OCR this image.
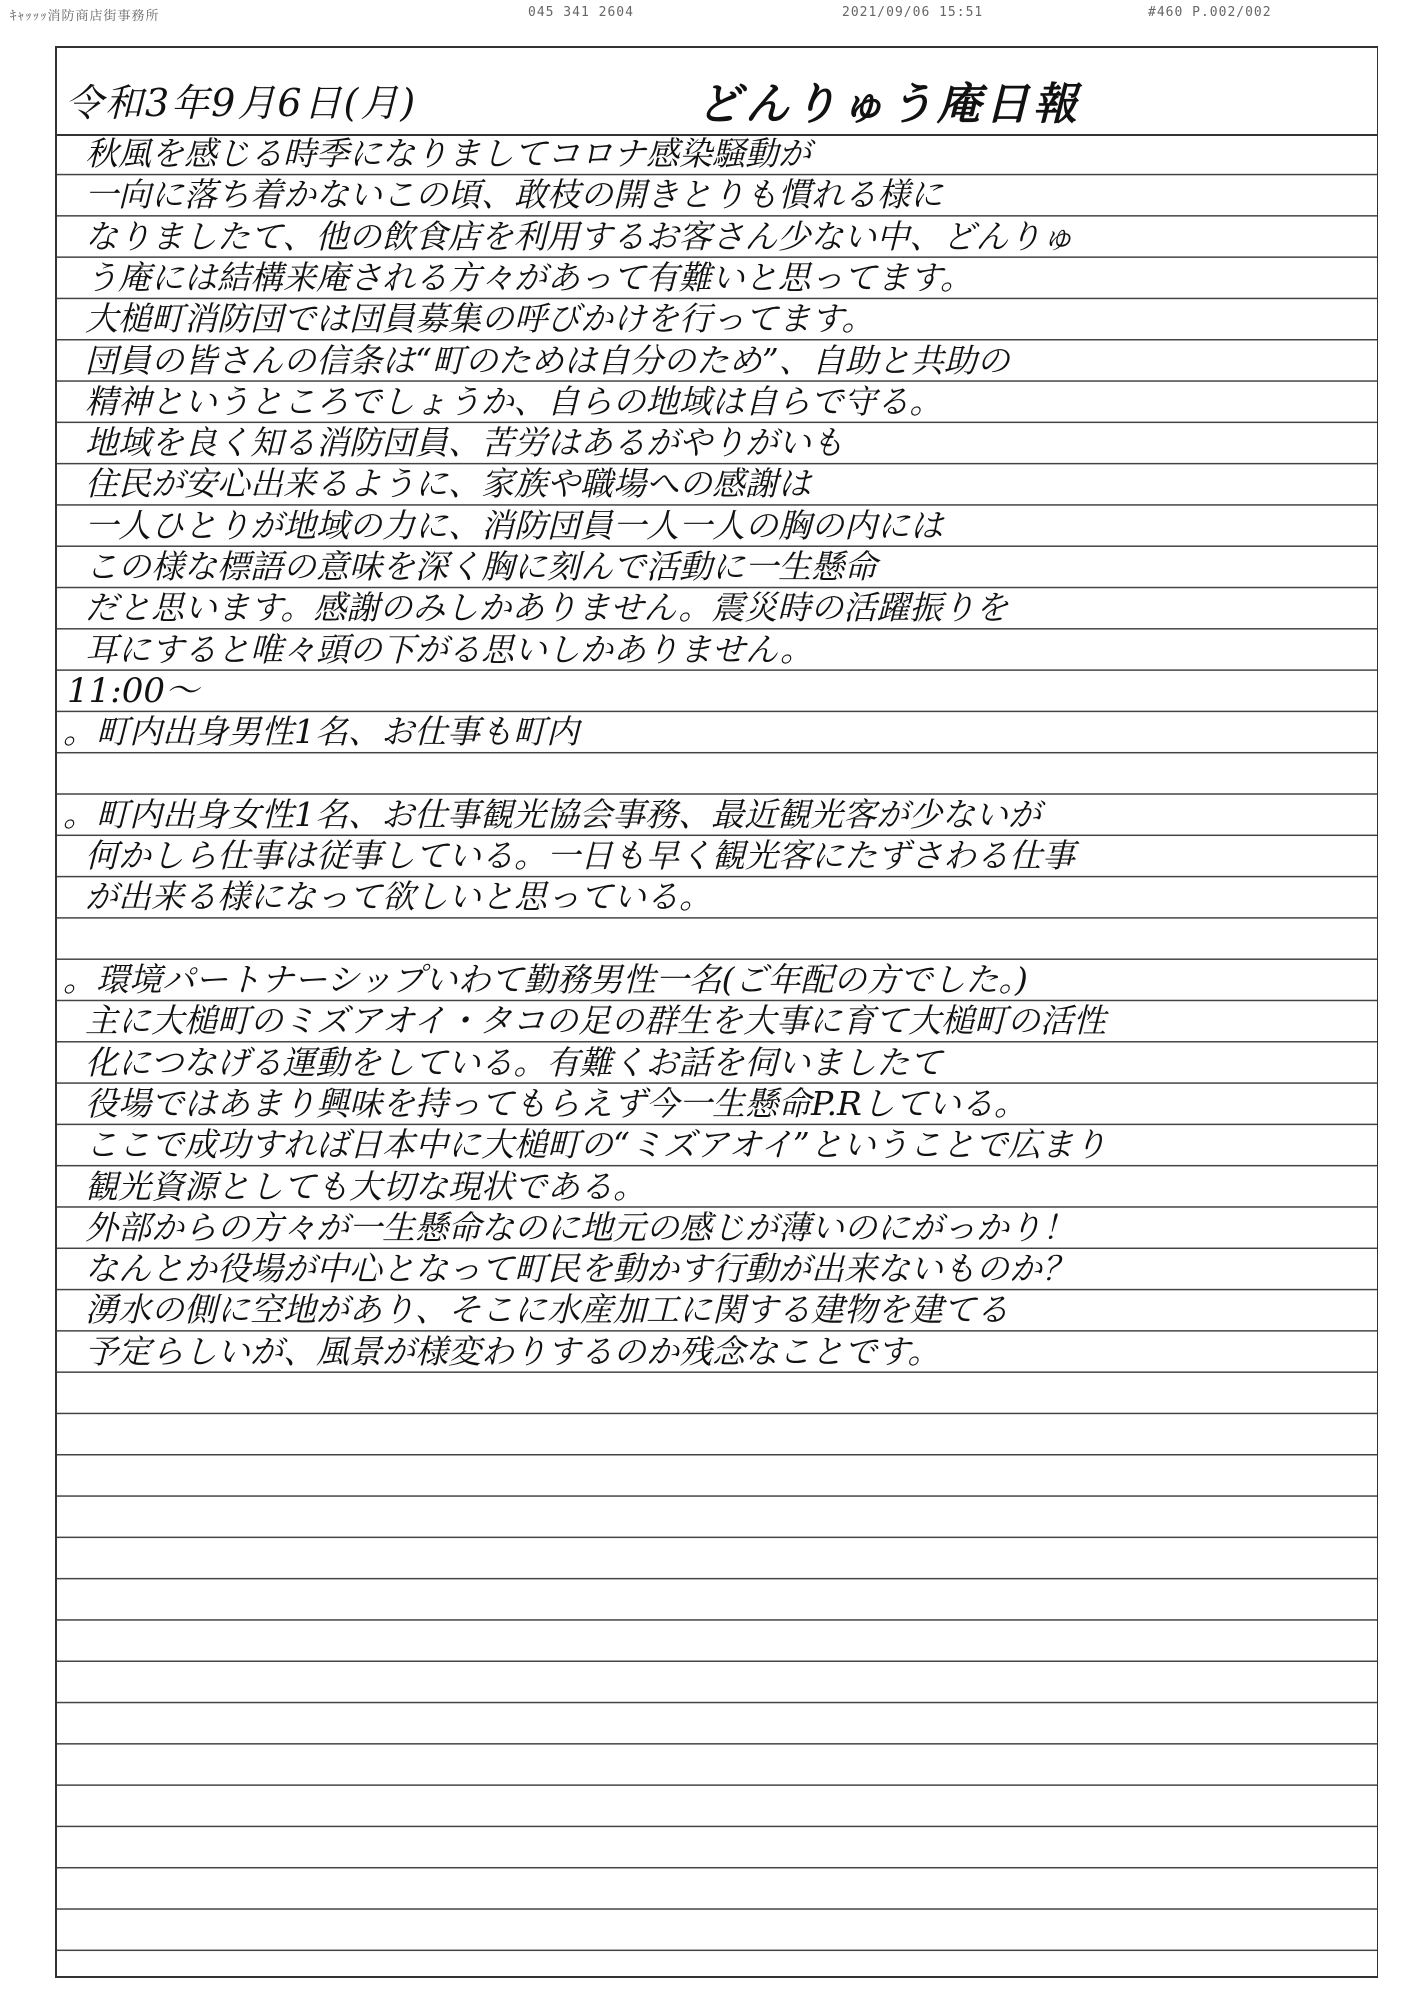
ｷｬｯｯｯ消防商店街事務所	045 341 2604	2021/09/06 15:51	#460 P.002/002
令和3年9月6日(月)	どんりゅう庵日報
秋風を感じる時季になりましてコロナ感染騒動が
一向に落ち着かないこの頃、敢枝の開きとりも慣れる様に
なりましたて、他の飲食店を利用するお客さん少ない中、どんりゅ
う庵には結構来庵される方々があって有難いと思ってます。
大槌町消防団では団員募集の呼びかけを行ってます。
団員の皆さんの信条は“町のためは自分のため”、自助と共助の
精神というところでしょうか、自らの地域は自らで守る。
地域を良く知る消防団員、苦労はあるがやりがいも
住民が安心出来るように、家族や職場への感謝は
一人ひとりが地域の力に、消防団員一人一人の胸の内には
この様な標語の意味を深く胸に刻んで活動に一生懸命
だと思います。感謝のみしかありません。震災時の活躍振りを
耳にすると唯々頭の下がる思いしかありません。
11:00～
。町内出身男性1名、お仕事も町内
。町内出身女性1名、お仕事観光協会事務、最近観光客が少ないが
何かしら仕事は従事している。一日も早く観光客にたずさわる仕事
が出来る様になって欲しいと思っている。
。環境パートナーシップいわて勤務男性一名(ご年配の方でした。)
主に大槌町のミズアオイ・タコの足の群生を大事に育て大槌町の活性
化につなげる運動をしている。有難くお話を伺いましたて
役場ではあまり興味を持ってもらえず今一生懸命P.Rしている。
ここで成功すれば日本中に大槌町の“ミズアオイ”ということで広まり
観光資源としても大切な現状である。
外部からの方々が一生懸命なのに地元の感じが薄いのにがっかり！
なんとか役場が中心となって町民を動かす行動が出来ないものか？
湧水の側に空地があり、そこに水産加工に関する建物を建てる
予定らしいが、風景が様変わりするのか残念なことです。
